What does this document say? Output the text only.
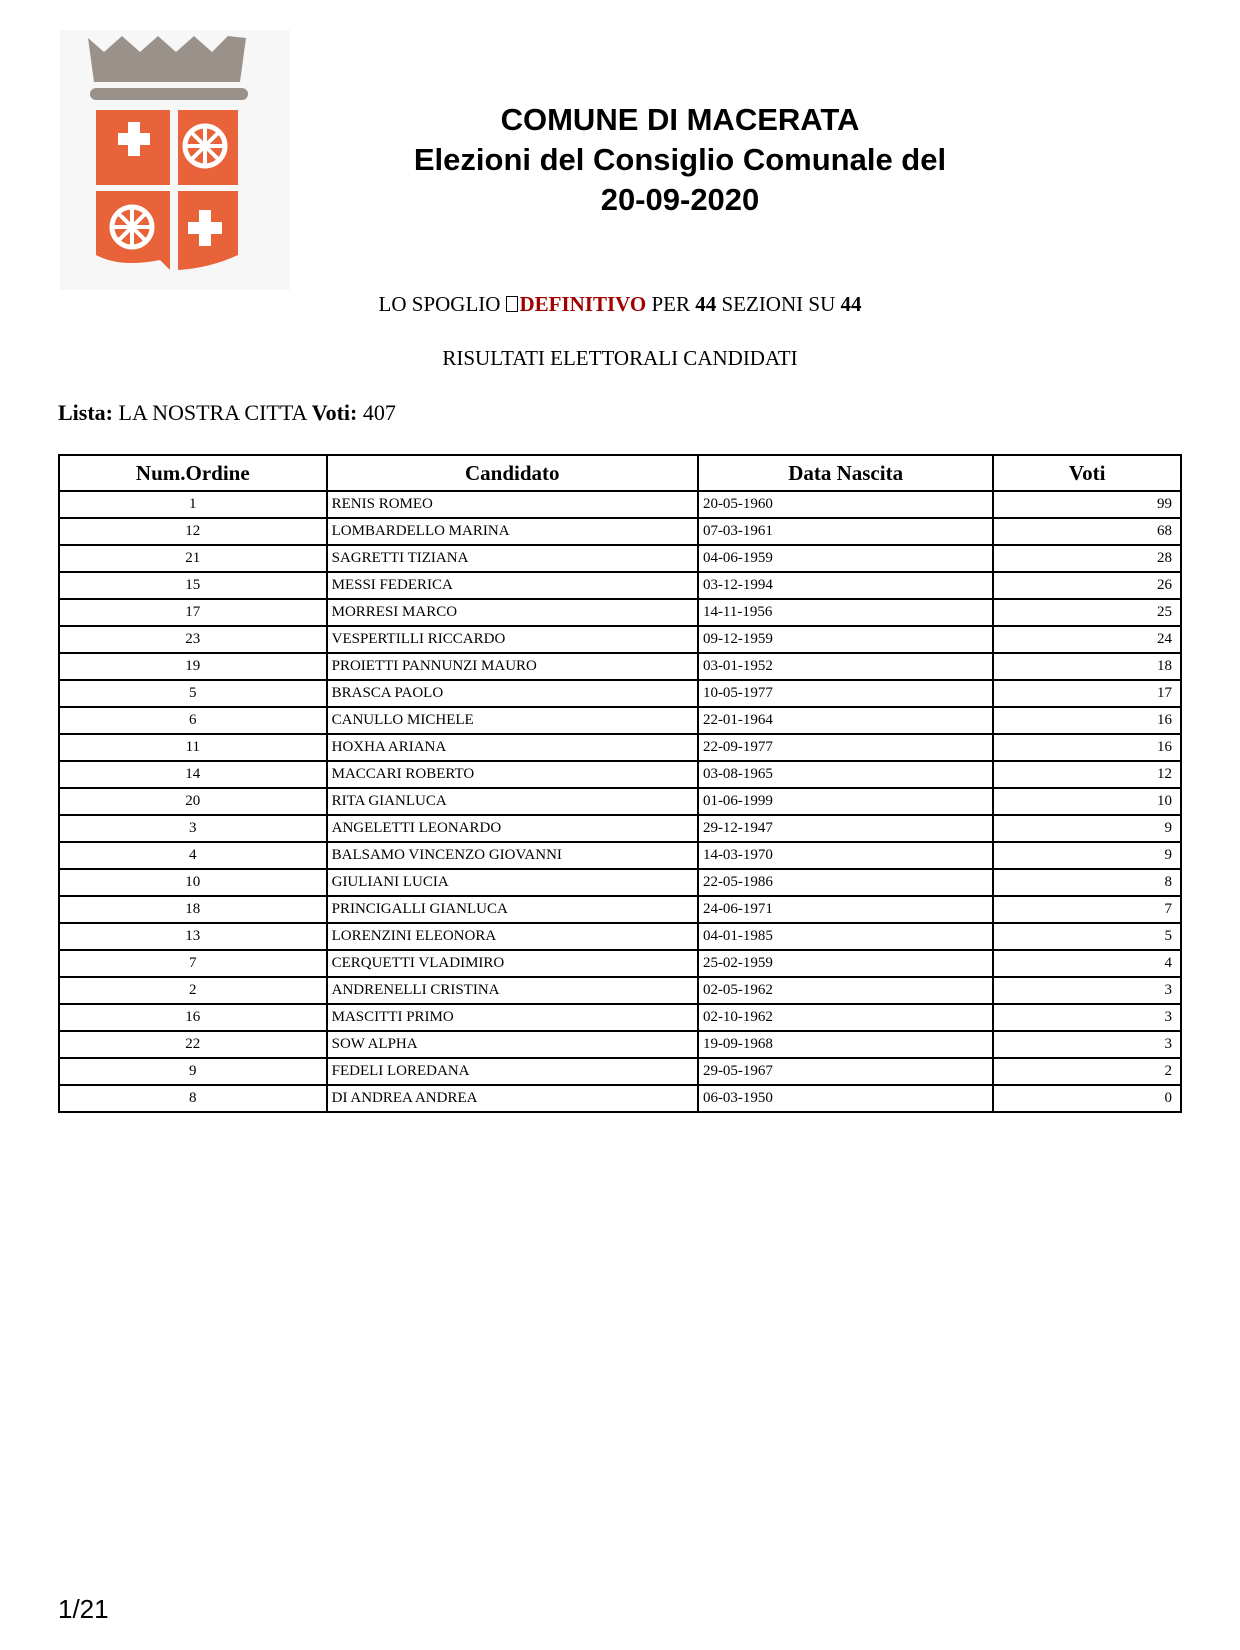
COMUNE DI MACERATA
Elezioni del Consiglio Comunale del
20-09-2020
LO SPOGLIO DEFINITIVO PER 44 SEZIONI SU 44
RISULTATI ELETTORALI CANDIDATI
Lista: LA NOSTRA CITTA Voti: 407
Num.Ordine	Candidato	Data Nascita	Voti
1	RENIS ROMEO	20-05-1960	99
12	LOMBARDELLO MARINA	07-03-1961	68
21	SAGRETTI TIZIANA	04-06-1959	28
15	MESSI FEDERICA	03-12-1994	26
17	MORRESI MARCO	14-11-1956	25
23	VESPERTILLI RICCARDO	09-12-1959	24
19	PROIETTI PANNUNZI MAURO	03-01-1952	18
5	BRASCA PAOLO	10-05-1977	17
6	CANULLO MICHELE	22-01-1964	16
11	HOXHA ARIANA	22-09-1977	16
14	MACCARI ROBERTO	03-08-1965	12
20	RITA GIANLUCA	01-06-1999	10
3	ANGELETTI LEONARDO	29-12-1947	9
4	BALSAMO VINCENZO GIOVANNI	14-03-1970	9
10	GIULIANI LUCIA	22-05-1986	8
18	PRINCIGALLI GIANLUCA	24-06-1971	7
13	LORENZINI ELEONORA	04-01-1985	5
7	CERQUETTI VLADIMIRO	25-02-1959	4
2	ANDRENELLI CRISTINA	02-05-1962	3
16	MASCITTI PRIMO	02-10-1962	3
22	SOW ALPHA	19-09-1968	3
9	FEDELI LOREDANA	29-05-1967	2
8	DI ANDREA ANDREA	06-03-1950	0
1/21
